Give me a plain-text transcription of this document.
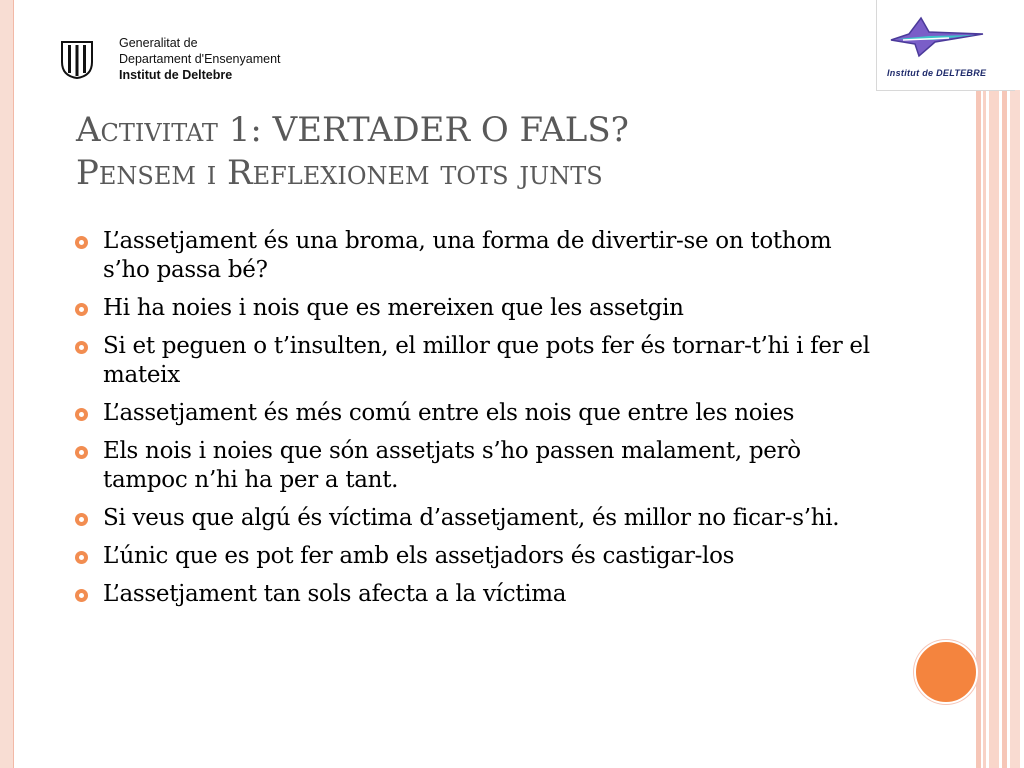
Institut de DELTEBRE
Generalitat de
Departament d'Ensenyament
Institut de Deltebre
Activitat 1: VERTADER O FALS?
Pensem i Reflexionem tots junts
L’assetjament és una broma, una forma de divertir-se on tothom s’ho passa bé?
Hi ha noies i nois que es mereixen que les assetgin
Si et peguen o t’insulten, el millor que pots fer és tornar-t’hi i fer el mateix
L’assetjament és més comú entre els nois que entre les noies
Els nois i noies que són assetjats s’ho passen malament, però tampoc n’hi ha per a tant.
Si veus que algú és víctima d’assetjament, és millor no ficar-s’hi.
L’únic que es pot fer amb els assetjadors és castigar-los
L’assetjament tan sols afecta a la víctima
